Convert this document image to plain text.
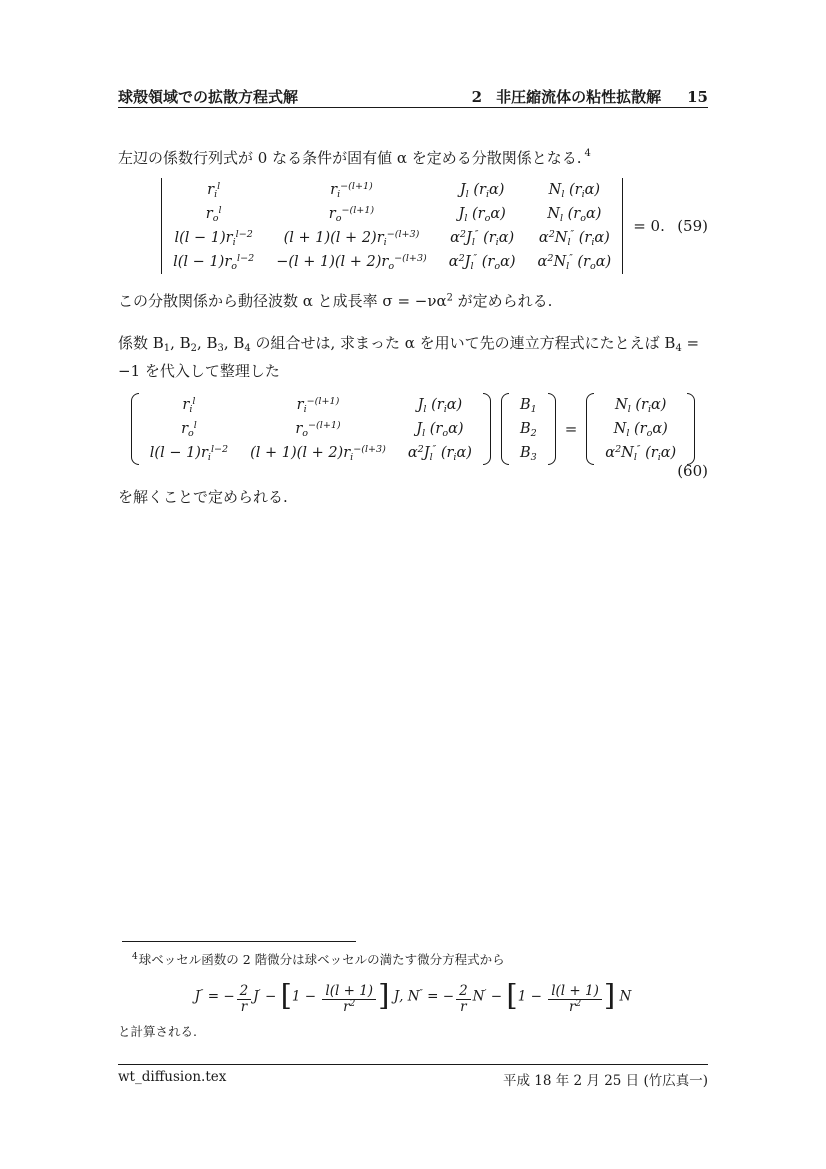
球殻領域での拡散方程式解	2 非圧縮流体の粘性拡散解 15
左辺の係数行列式が 0 なる条件が固有値 α を定める分散関係となる. $^4$
$r_i^l$	$r_i^{-(l+1)}$	$J_l$ $(r_i\alpha)$	$N_l$ $(r_i\alpha)$
$r_o^l$	$r_o^{-(l+1)}$	$J_l$ $(r_o\alpha)$	$N_l$ $(r_o\alpha)$
$l(l - 1)r_i^{l-2}$	$(l + 1)(l + 2)r_i^{-(l+3)}$	$\alpha^2J_l''$ $(r_i\alpha)$	$\alpha^2N_l''$ $(r_i\alpha)$
$l(l - 1)r_o^{l-2}$	$-(l + 1)(l + 2)r_o^{-(l+3)}$	$\alpha^2J_l''$ $(r_o\alpha)$	$\alpha^2N_l''$ $(r_o\alpha)$
= 0. (59)
この分散関係から動径波数 α と成長率 $\sigma = -\nu\alpha^2$ が定められる.
係数 $B_1$, $B_2$, $B_3$, $B_4$ の組合せは, 求まった α を用いて先の連立方程式にたとえば $B_4 = -1$ を代入して整理した
$r_i^l$	$r_i^{-(l+1)}$	$J_l$ $(r_i\alpha)$
$r_o^l$	$r_o^{-(l+1)}$	$J_l$ $(r_o\alpha)$
$l(l - 1)r_i^{l-2}$	$(l + 1)(l + 2)r_i^{-(l+3)}$	$\alpha^2J_l''$ $(r_i\alpha)$
$B_1$
$B_2$
$B_3$
=
$N_l$ $(r_i\alpha)$
$N_l$ $(r_o\alpha)$
$\alpha^2N_l''$ $(r_i\alpha)$
(60)
を解くことで定められる.
$^4$球ベッセル函数の 2 階微分は球ベッセルの満たす微分方程式から
J″ = − $\frac{2}{r} J' - [1 - \frac{l(l + 1)}{r^2}$ ] J, N″ = − $\frac{2}{r} N' - [1 - \frac{l(l + 1)}{r^2}$ ] N
と計算される.
wt_diffusion.tex	平成 18 年 2 月 25 日 (竹広真一)
